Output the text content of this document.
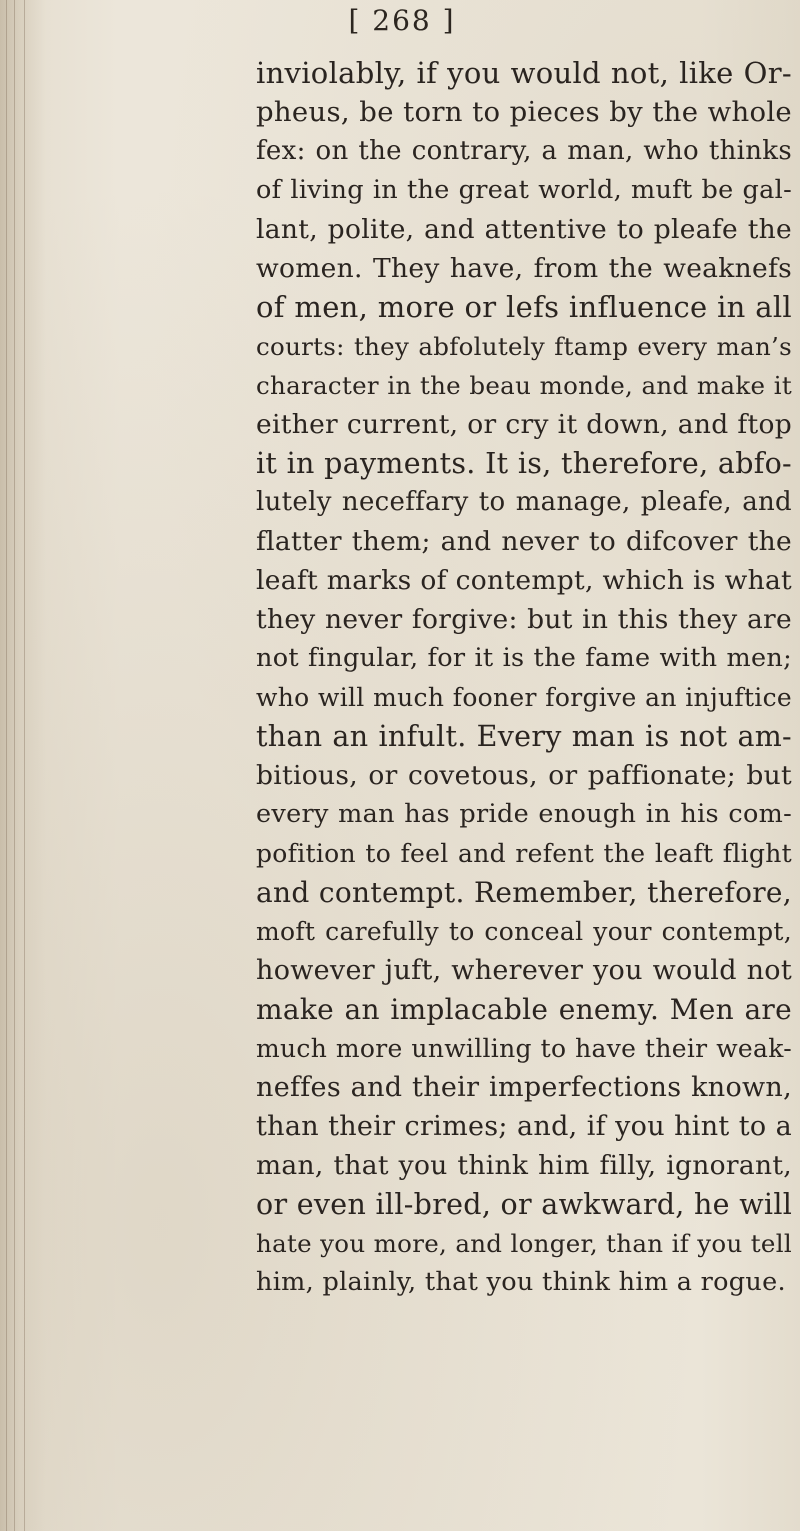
[ 268 ]
inviolably, if you would not, like Or-
pheus, be torn to pieces by the whole
fex: on the contrary, a man, who thinks
of living in the great world, muft be gal-
lant, polite, and attentive to pleafe the
women. They have, from the weaknefs
of men, more or lefs influence in all
courts: they abfolutely ftamp every man’s
character in the beau monde, and make it
either current, or cry it down, and ftop
it in payments. It is, therefore, abfo-
lutely neceffary to manage, pleafe, and
flatter them; and never to difcover the
leaft marks of contempt, which is what
they never forgive: but in this they are
not fingular, for it is the fame with men;
who will much fooner forgive an injuftice
than an infult. Every man is not am-
bitious, or covetous, or paffionate; but
every man has pride enough in his com-
pofition to feel and refent the leaft flight
and contempt. Remember, therefore,
moft carefully to conceal your contempt,
however juft, wherever you would not
make an implacable enemy. Men are
much more unwilling to have their weak-
neffes and their imperfections known,
than their crimes; and, if you hint to a
man, that you think him filly, ignorant,
or even ill-bred, or awkward, he will
hate you more, and longer, than if you tell
him, plainly, that you think him a rogue.
